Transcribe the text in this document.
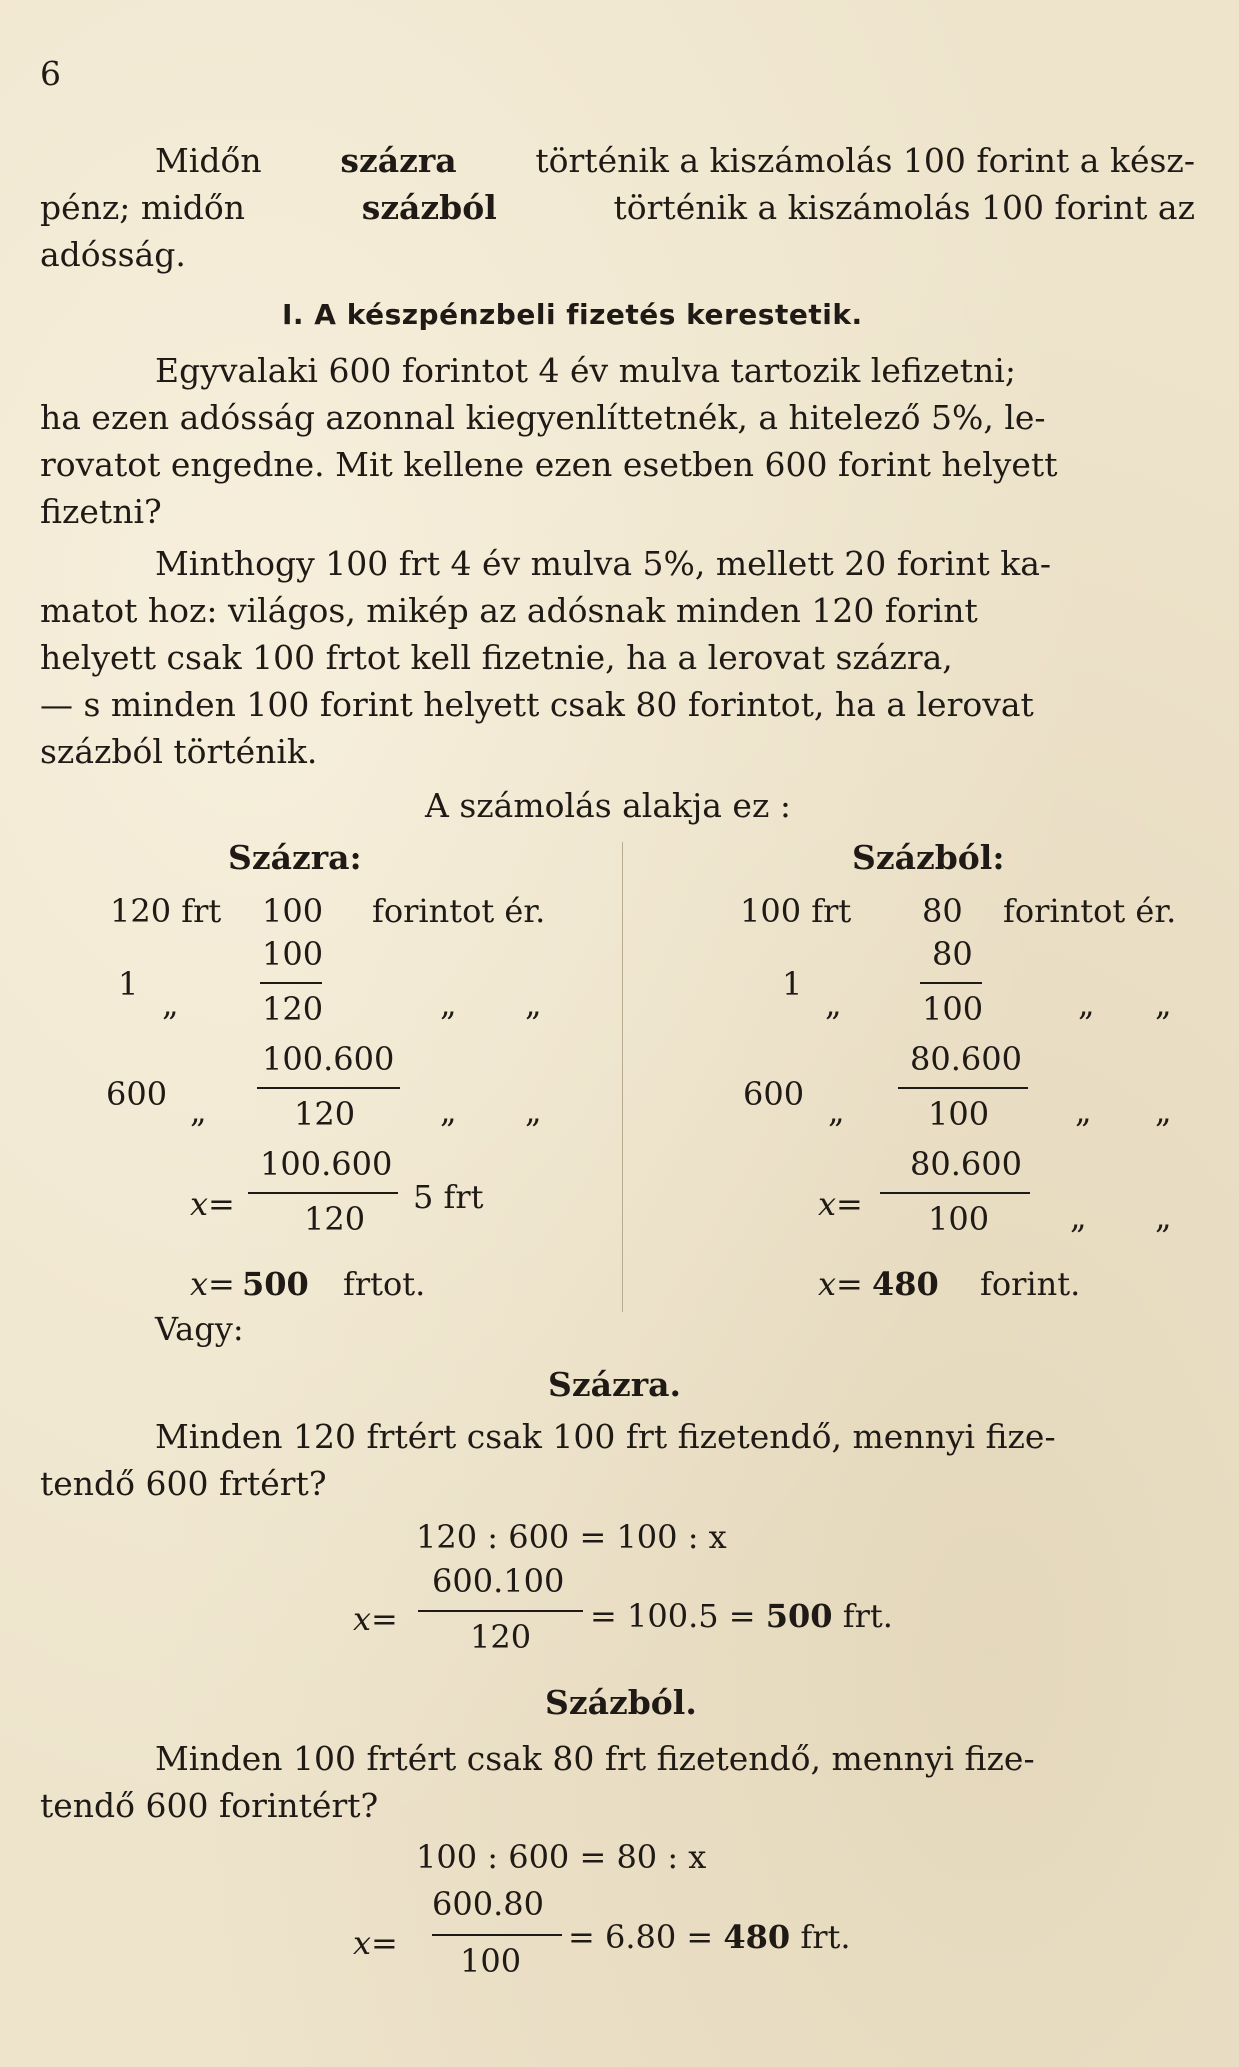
6
Midőn százra történik a kiszámolás 100 forint a kész-
pénz; midőn	százból	történik a kiszámolás 100 forint az
adósság.
I. A készpénzbeli fizetés kerestetik.
Egyvalaki 600 forintot 4 év mulva tartozik lefizetni;
ha ezen adósság azonnal kiegyenlíttetnék, a hitelező 5%, le-
rovatot engedne. Mit kellene ezen esetben 600 forint helyett
fizetni?
Minthogy 100 frt 4 év mulva 5%, mellett 20 forint ka-
matot hoz: világos, mikép az adósnak minden 120 forint
helyett csak 100 frtot kell fizetnie, ha a lerovat százra,
— s minden 100 forint helyett csak 80 forintot, ha a lerovat
százból történik.
A számolás alakja ez :
Százra:
120 frt 100 forintot ér.
100
1
„	120	„ „
100.600
600 „	120	„ „
100.600
x= 120
5 frt
x= 500 frtot.
Vagy:
Százból:
100 frt 80 forintot ér.
80
1
„	100	„ „
80.600
600 „	100	„ „
80.600
x= 100	„ „
x= 480 forint.
Százra.
Minden 120 frtért csak 100 frt fizetendő, mennyi fize-
tendő 600 frtért?
120 : 600 = 100 : x
600.100
x= 120
= 100.5 = 500 frt.
Százból.
Minden 100 frtért csak 80 frt fizetendő, mennyi fize-
tendő 600 forintért?
100 : 600 = 80 : x
600.80
x= 100
= 6.80 = 480 frt.
